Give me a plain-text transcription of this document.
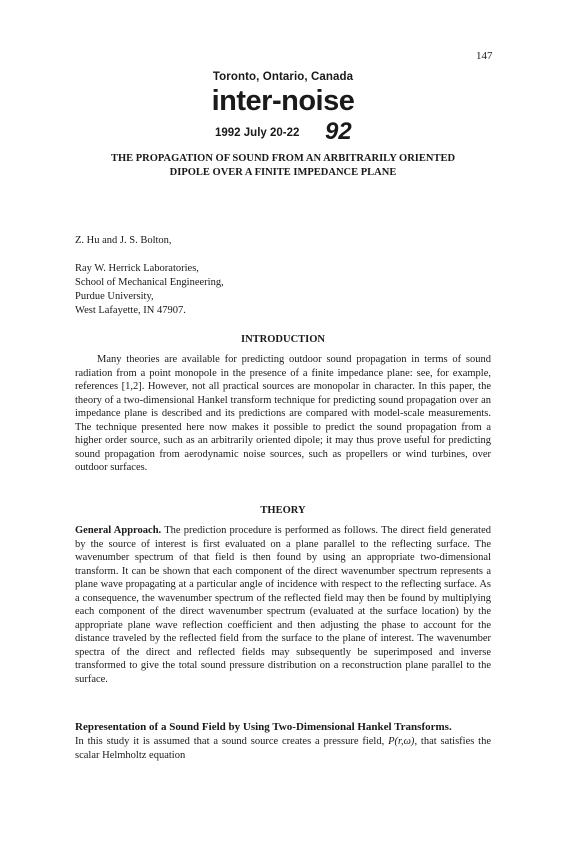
147
Toronto, Ontario, Canada
inter-noise
1992 July 20-22 92
THE PROPAGATION OF SOUND FROM AN ARBITRARILY ORIENTED
DIPOLE OVER A FINITE IMPEDANCE PLANE
Z. Hu and J. S. Bolton,
Ray W. Herrick Laboratories,
School of Mechanical Engineering,
Purdue University,
West Lafayette, IN 47907.
INTRODUCTION
Many theories are available for predicting outdoor sound propagation in terms of sound radiation from a point monopole in the presence of a finite impedance plane: see, for example, references [1,2]. However, not all practical sources are monopolar in character. In this paper, the theory of a two-dimensional Hankel transform technique for predicting sound propagation over an impedance plane is described and its predictions are compared with model-scale measurements. The technique presented here now makes it possible to predict the sound propagation from a higher order source, such as an arbitrarily oriented dipole; it may thus prove useful for predicting sound propagation from aerodynamic noise sources, such as propellers or wind turbines, over outdoor surfaces.
THEORY
General Approach. The prediction procedure is performed as follows. The direct field generated by the source of interest is first evaluated on a plane parallel to the reflecting surface. The wavenumber spectrum of that field is then found by using an appropriate two-dimensional transform. It can be shown that each component of the direct wavenumber spectrum represents a plane wave propagating at a particular angle of incidence with respect to the reflecting surface. As a consequence, the wavenumber spectrum of the reflected field may then be found by multiplying each component of the direct wavenumber spectrum (evaluated at the surface location) by the appropriate plane wave reflection coefficient and then adjusting the phase to account for the distance traveled by the reflected field from the surface to the plane of interest. The wavenumber spectra of the direct and reflected fields may subsequently be superimposed and inverse transformed to give the total sound pressure distribution on a reconstruction plane parallel to the surface.
Representation of a Sound Field by Using Two-Dimensional Hankel Transforms.
In this study it is assumed that a sound source creates a pressure field, P(r,ω), that satisfies the scalar Helmholtz equation
